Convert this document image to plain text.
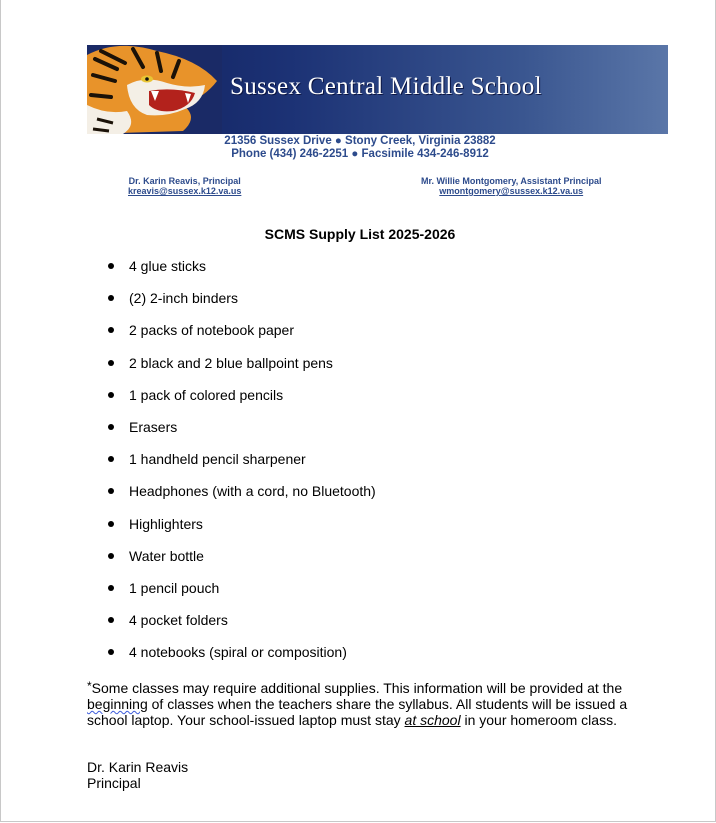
Sussex Central Middle School
21356 Sussex Drive ● Stony Creek, Virginia 23882
Phone (434) 246-2251 ● Facsimile 434-246-8912
Dr. Karin Reavis, Principal
kreavis@sussex.k12.va.us
Mr. Willie Montgomery, Assistant Principal
wmontgomery@sussex.k12.va.us
SCMS Supply List 2025-2026
4 glue sticks
(2) 2-inch binders
2 packs of notebook paper
2 black and 2 blue ballpoint pens
1 pack of colored pencils
Erasers
1 handheld pencil sharpener
Headphones (with a cord, no Bluetooth)
Highlighters
Water bottle
1 pencil pouch
4 pocket folders
4 notebooks (spiral or composition)
*Some classes may require additional supplies. This information will be provided at the beginning of classes when the teachers share the syllabus. All students will be issued a school laptop. Your school-issued laptop must stay at school in your homeroom class.
Dr. Karin Reavis
Principal
